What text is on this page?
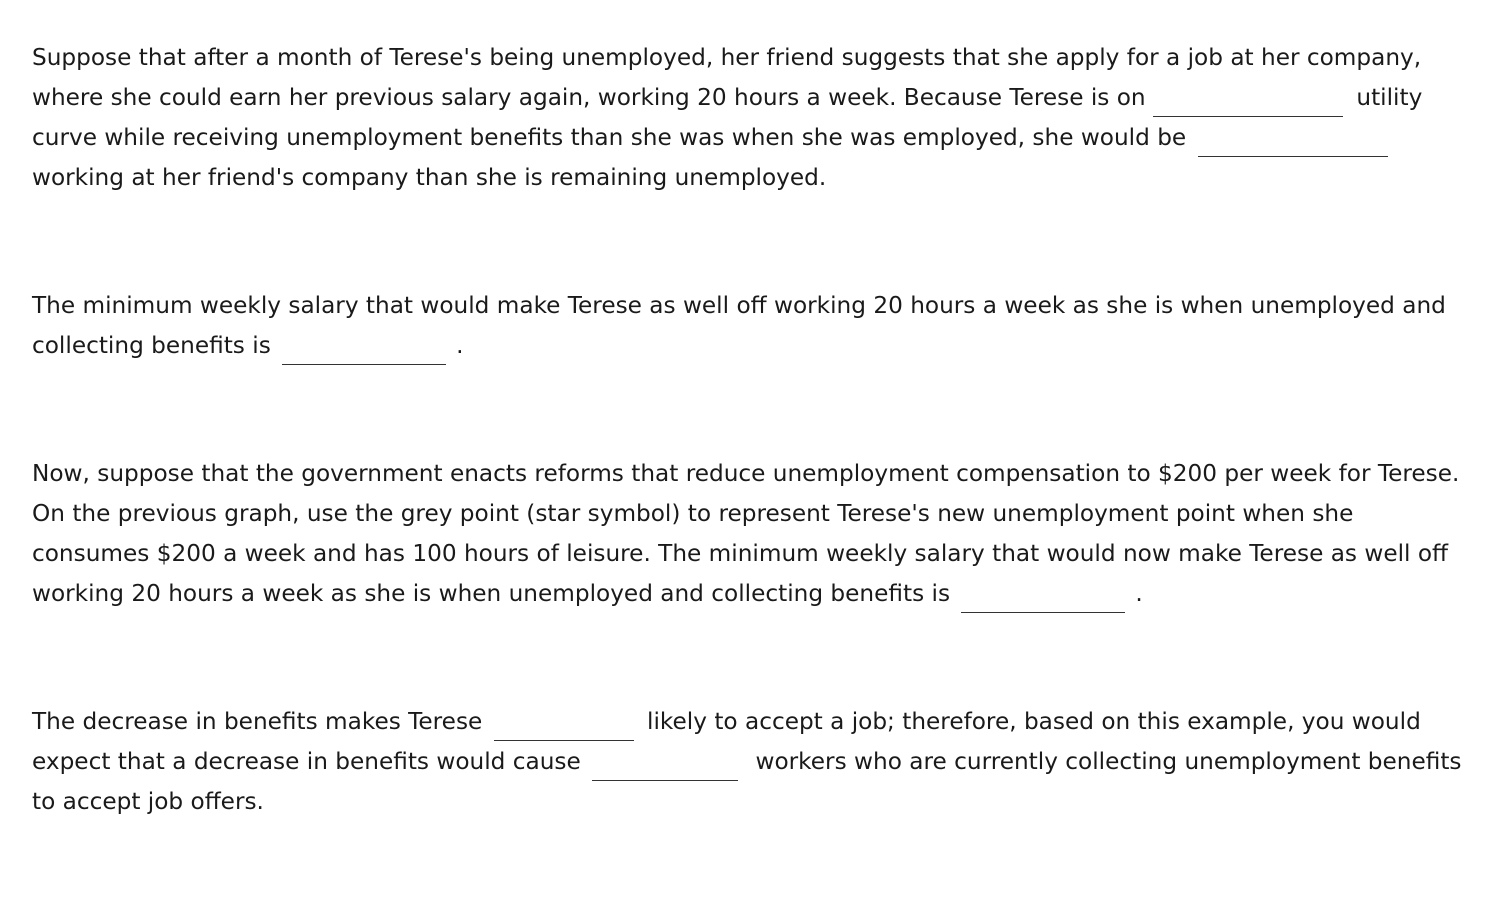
Suppose that after a month of Terese's being unemployed, her friend suggests that she apply for a job at her company, where she could earn her previous salary again, working 20 hours a week. Because Terese is on	utility curve while receiving unemployment benefits than she was when she was employed, she would be  working at her friend's company than she is remaining unemployed.

The minimum weekly salary that would make Terese as well off working 20 hours a week as she is when unemployed and collecting benefits is	.

Now, suppose that the government enacts reforms that reduce unemployment compensation to $200 per week for Terese. On the previous graph, use the grey point (star symbol) to represent Terese's new unemployment point when she consumes $200 a week and has 100 hours of leisure. The minimum weekly salary that would now make Terese as well off working 20 hours a week as she is when unemployed and collecting benefits is	.

The decrease in benefits makes Terese	likely to accept a job; therefore, based on this example, you would expect that a decrease in benefits would cause	workers who are currently collecting unemployment benefits to accept job offers.
